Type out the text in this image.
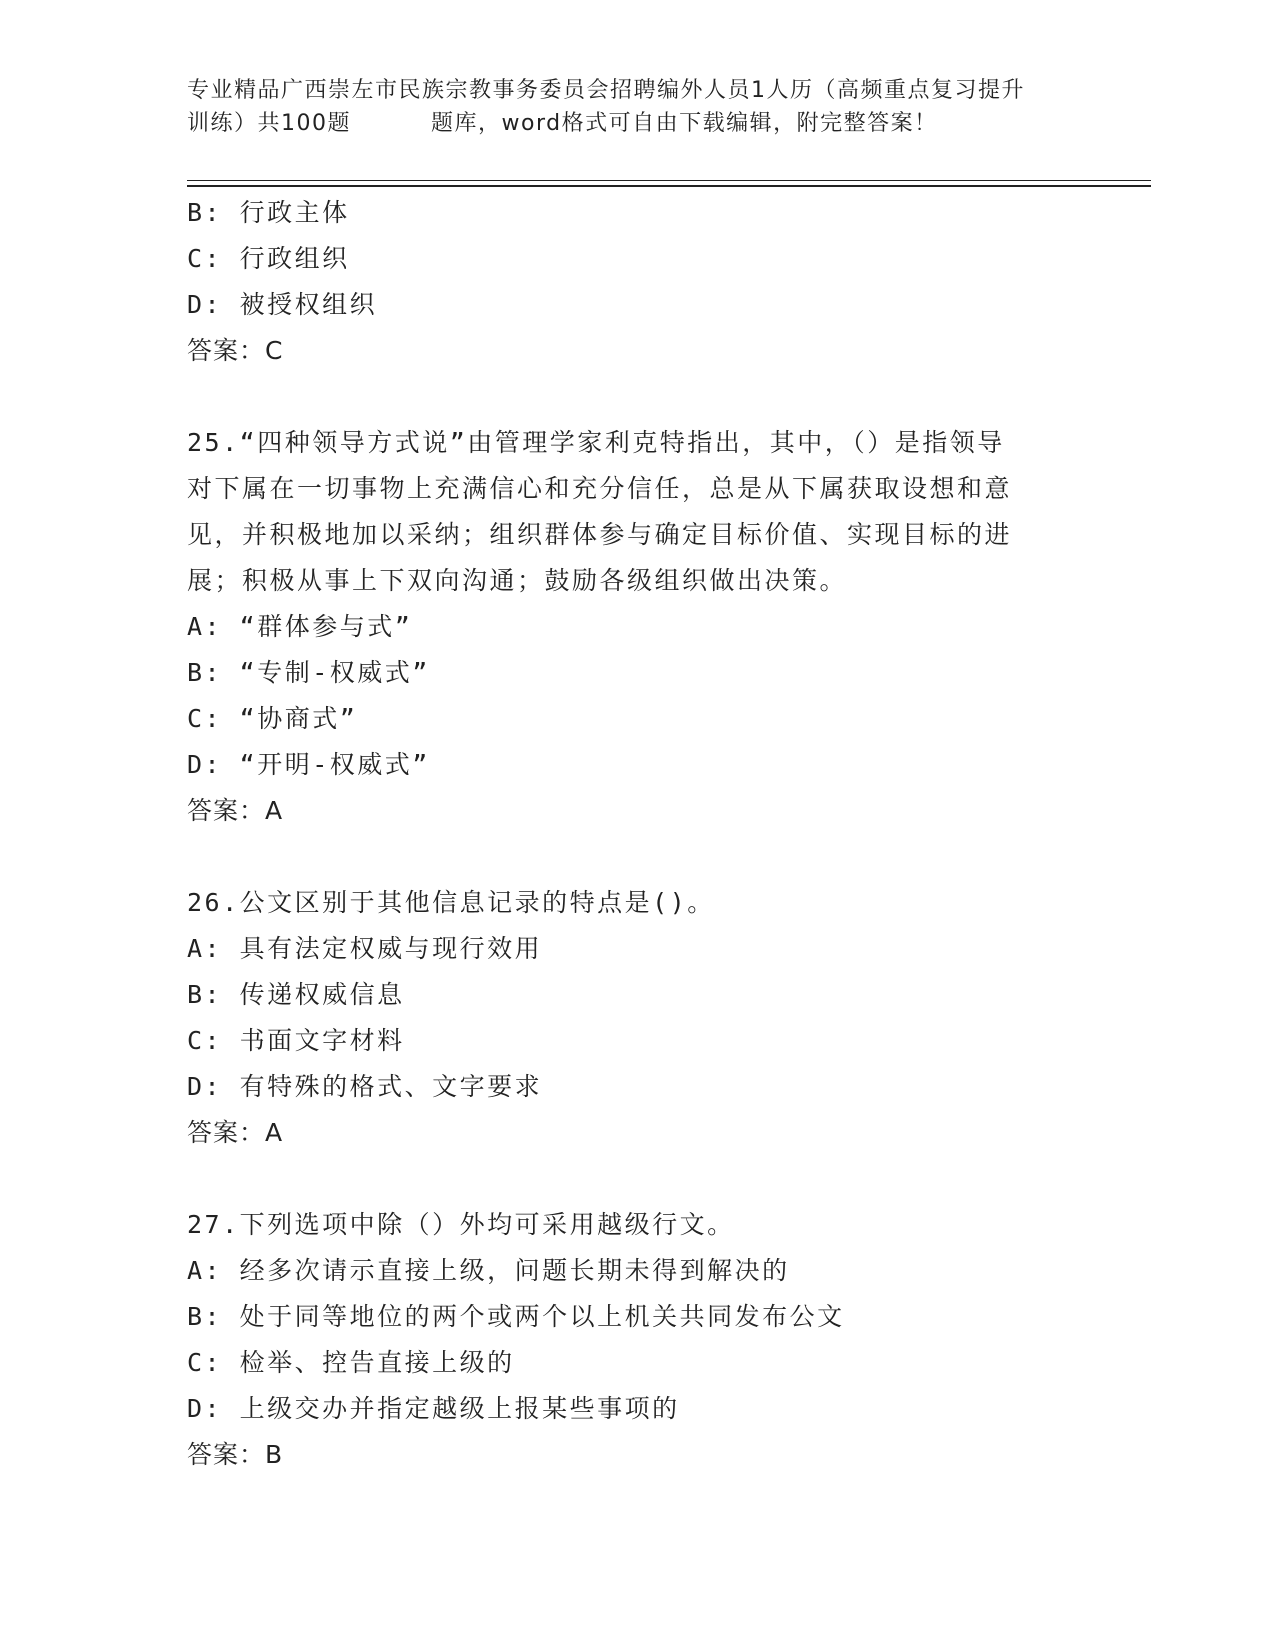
专业精品广西崇左市民族宗教事务委员会招聘编外人员1人历（高频重点复习提升
训练）共100题	题库，word格式可自由下载编辑，附完整答案！
B: 行政主体
C: 行政组织
D: 被授权组织
答案：C
25.“四种领导方式说”由管理学家利克特指出，其中，（）是指领导
对下属在一切事物上充满信心和充分信任，总是从下属获取设想和意
见，并积极地加以采纳；组织群体参与确定目标价值、实现目标的进
展；积极从事上下双向沟通；鼓励各级组织做出决策。
A: “群体参与式”
B: “专制-权威式”
C: “协商式”
D: “开明-权威式”
答案：A
26.公文区别于其他信息记录的特点是()。
A: 具有法定权威与现行效用
B: 传递权威信息
C: 书面文字材料
D: 有特殊的格式、文字要求
答案：A
27.下列选项中除（）外均可采用越级行文。
A: 经多次请示直接上级，问题长期未得到解决的
B: 处于同等地位的两个或两个以上机关共同发布公文
C: 检举、控告直接上级的
D: 上级交办并指定越级上报某些事项的
答案：B
